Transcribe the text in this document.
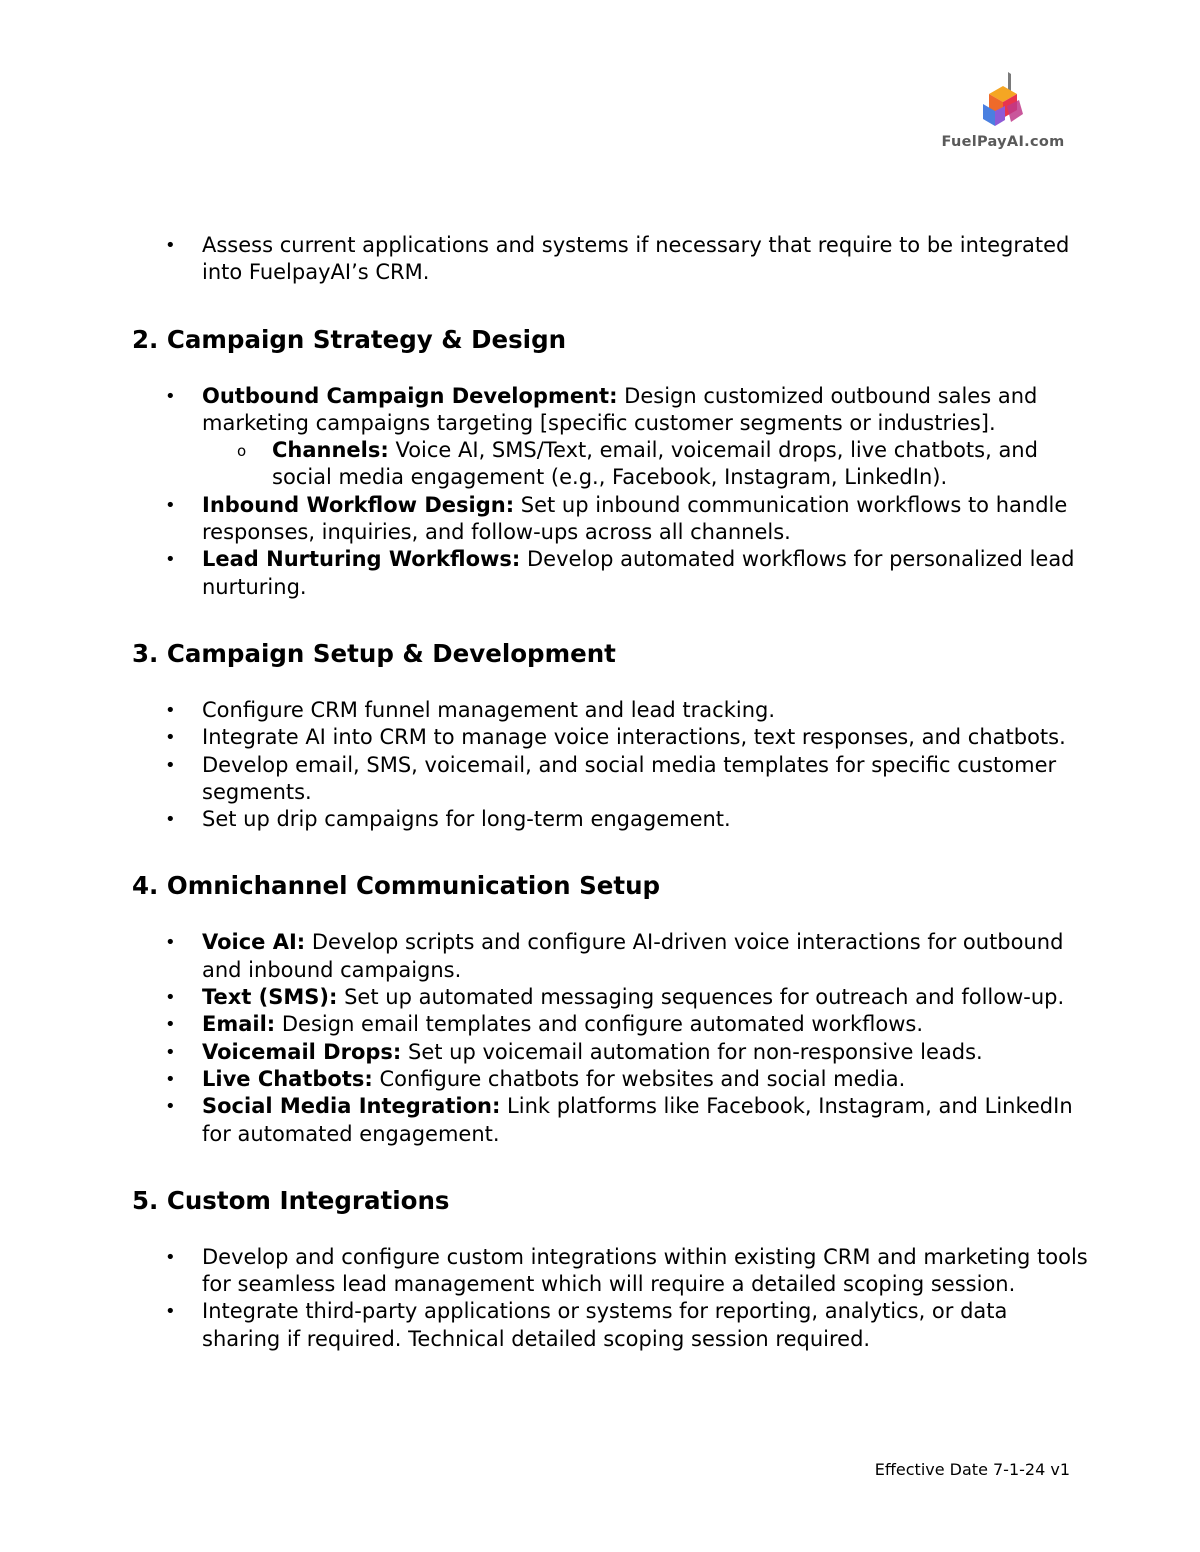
FuelPayAI.com
• Assess current applications and systems if necessary that require to be integrated into FuelpayAI’s CRM.
2. Campaign Strategy & Design
• Outbound Campaign Development: Design customized outbound sales and marketing campaigns targeting [specific customer segments or industries].
o Channels: Voice AI, SMS/Text, email, voicemail drops, live chatbots, and social media engagement (e.g., Facebook, Instagram, LinkedIn).
• Inbound Workflow Design: Set up inbound communication workflows to handle responses, inquiries, and follow-ups across all channels.
• Lead Nurturing Workflows: Develop automated workflows for personalized lead nurturing.
3. Campaign Setup & Development
• Configure CRM funnel management and lead tracking.
• Integrate AI into CRM to manage voice interactions, text responses, and chatbots.
• Develop email, SMS, voicemail, and social media templates for specific customer segments.
• Set up drip campaigns for long-term engagement.
4. Omnichannel Communication Setup
• Voice AI: Develop scripts and configure AI-driven voice interactions for outbound and inbound campaigns.
• Text (SMS): Set up automated messaging sequences for outreach and follow-up.
• Email: Design email templates and configure automated workflows.
• Voicemail Drops: Set up voicemail automation for non-responsive leads.
• Live Chatbots: Configure chatbots for websites and social media.
• Social Media Integration: Link platforms like Facebook, Instagram, and LinkedIn for automated engagement.
5. Custom Integrations
• Develop and configure custom integrations within existing CRM and marketing tools for seamless lead management which will require a detailed scoping session.
• Integrate third-party applications or systems for reporting, analytics, or data sharing if required. Technical detailed scoping session required.
Effective Date 7-1-24 v1
